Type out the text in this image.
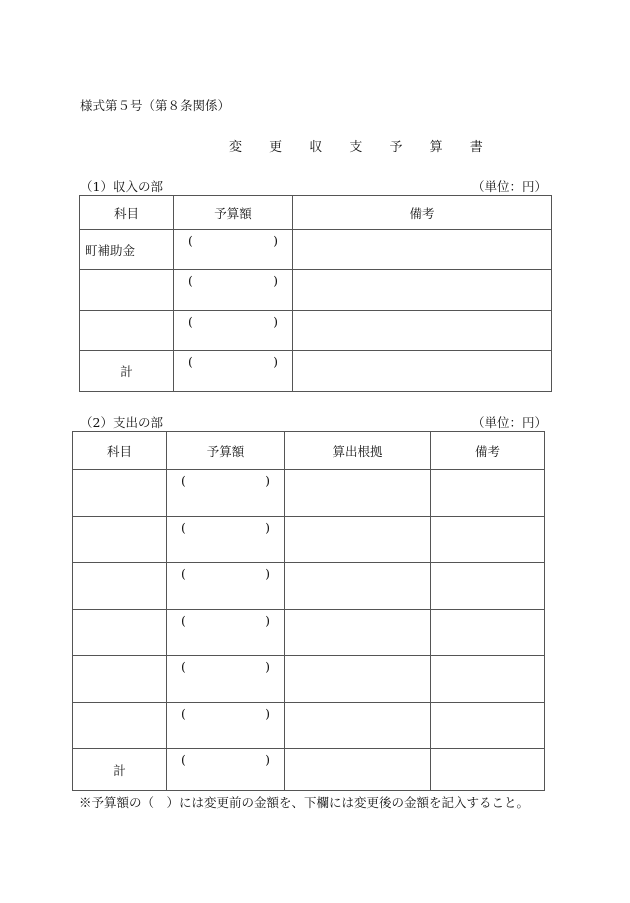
様式第５号（第８条関係）
変 更 収 支 予 算 書
（1）収入の部	（単位：円）
科目	予算額	備考
町補助金	( )	

	( )	

	( )	

計	( )	

（2）支出の部	（単位：円）
科目	予算額	算出根拠	備考

	( )		

	( )		

	( )		

	( )		

	( )		

	( )		

計	( )		

※予算額の（　）には変更前の金額を、下欄には変更後の金額を記入すること。
